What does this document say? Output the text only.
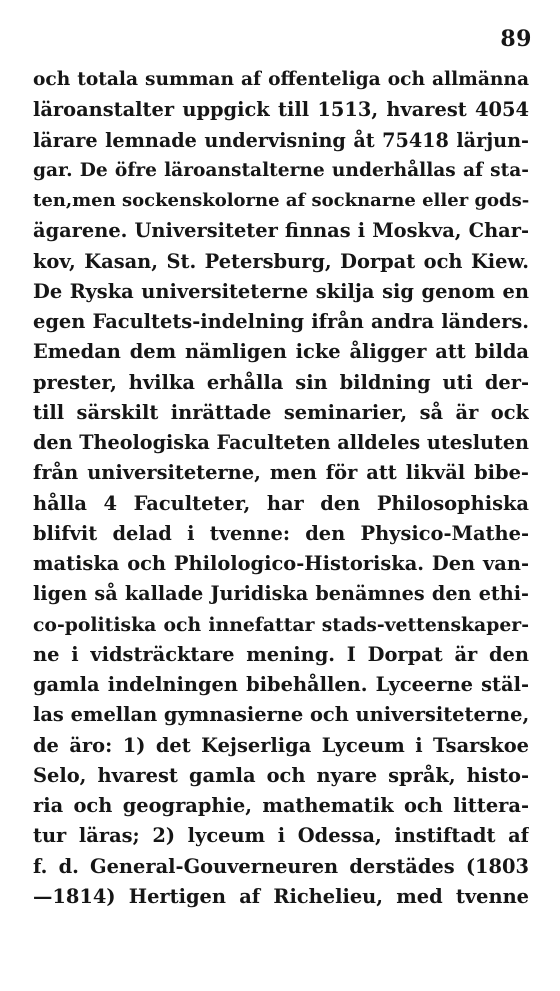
89
och totala summan af offenteliga och allmänna
läroanstalter uppgick till 1513, hvarest 4054
lärare lemnade undervisning åt 75418 lärjun-
gar. De öfre läroanstalterne underhållas af sta-
ten,men sockenskolorne af socknarne eller gods-
ägarene. Universiteter finnas i Moskva, Char-
kov, Kasan, St. Petersburg, Dorpat och Kiew.
De Ryska universiteterne skilja sig genom en
egen Facultets-indelning ifrån andra länders.
Emedan dem nämligen icke åligger att bilda
prester, hvilka erhålla sin bildning uti der-
till särskilt inrättade seminarier, så är ock
den Theologiska Faculteten alldeles utesluten
från universiteterne, men för att likväl bibe-
hålla 4 Faculteter, har den Philosophiska
blifvit delad i tvenne: den Physico-Mathe-
matiska och Philologico-Historiska. Den van-
ligen så kallade Juridiska benämnes den ethi-
co-politiska och innefattar stads-vettenskaper-
ne i vidsträcktare mening. I Dorpat är den
gamla indelningen bibehållen. Lyceerne stäl-
las emellan gymnasierne och universiteterne,
de äro: 1) det Kejserliga Lyceum i Tsarskoe
Selo, hvarest gamla och nyare språk, histo-
ria och geographie, mathematik och littera-
tur läras; 2) lyceum i Odessa, instiftadt af
f. d. General-Gouverneuren derstädes (1803
—1814) Hertigen af Richelieu, med tvenne
